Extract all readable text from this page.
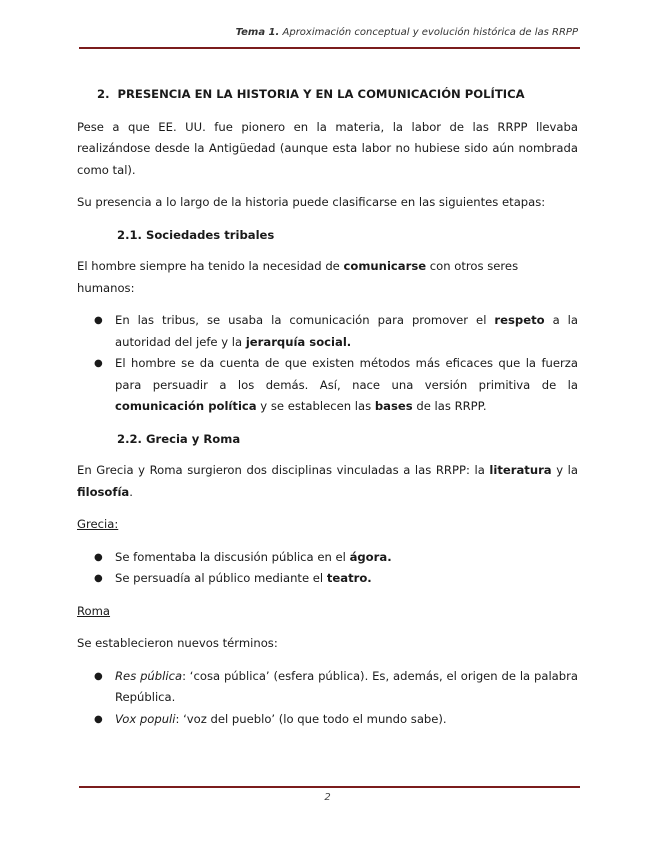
Tema 1. Aproximación conceptual y evolución histórica de las RRPP
2. PRESENCIA EN LA HISTORIA Y EN LA COMUNICACIÓN POLÍTICA

Pese a que EE. UU. fue pionero en la materia, la labor de las RRPP llevaba realizándose desde la Antigüedad (aunque esta labor no hubiese sido aún nombrada como tal).

Su presencia a lo largo de la historia puede clasificarse en las siguientes etapas:

2.1. Sociedades tribales

El hombre siempre ha tenido la necesidad de comunicarse con otros seres humanos:

● En las tribus, se usaba la comunicación para promover el respeto a la autoridad del jefe y la jerarquía social.
● El hombre se da cuenta de que existen métodos más eficaces que la fuerza para persuadir a los demás. Así, nace una versión primitiva de la comunicación política y se establecen las bases de las RRPP.
2.2. Grecia y Roma

En Grecia y Roma surgieron dos disciplinas vinculadas a las RRPP: la literatura y la filosofía.

Grecia:

● Se fomentaba la discusión pública en el ágora.
● Se persuadía al público mediante el teatro.

Roma

Se establecieron nuevos términos:

● Res pública: ‘cosa pública’ (esfera pública). Es, además, el origen de la palabra República.
● Vox populi: ‘voz del pueblo’ (lo que todo el mundo sabe).
2
